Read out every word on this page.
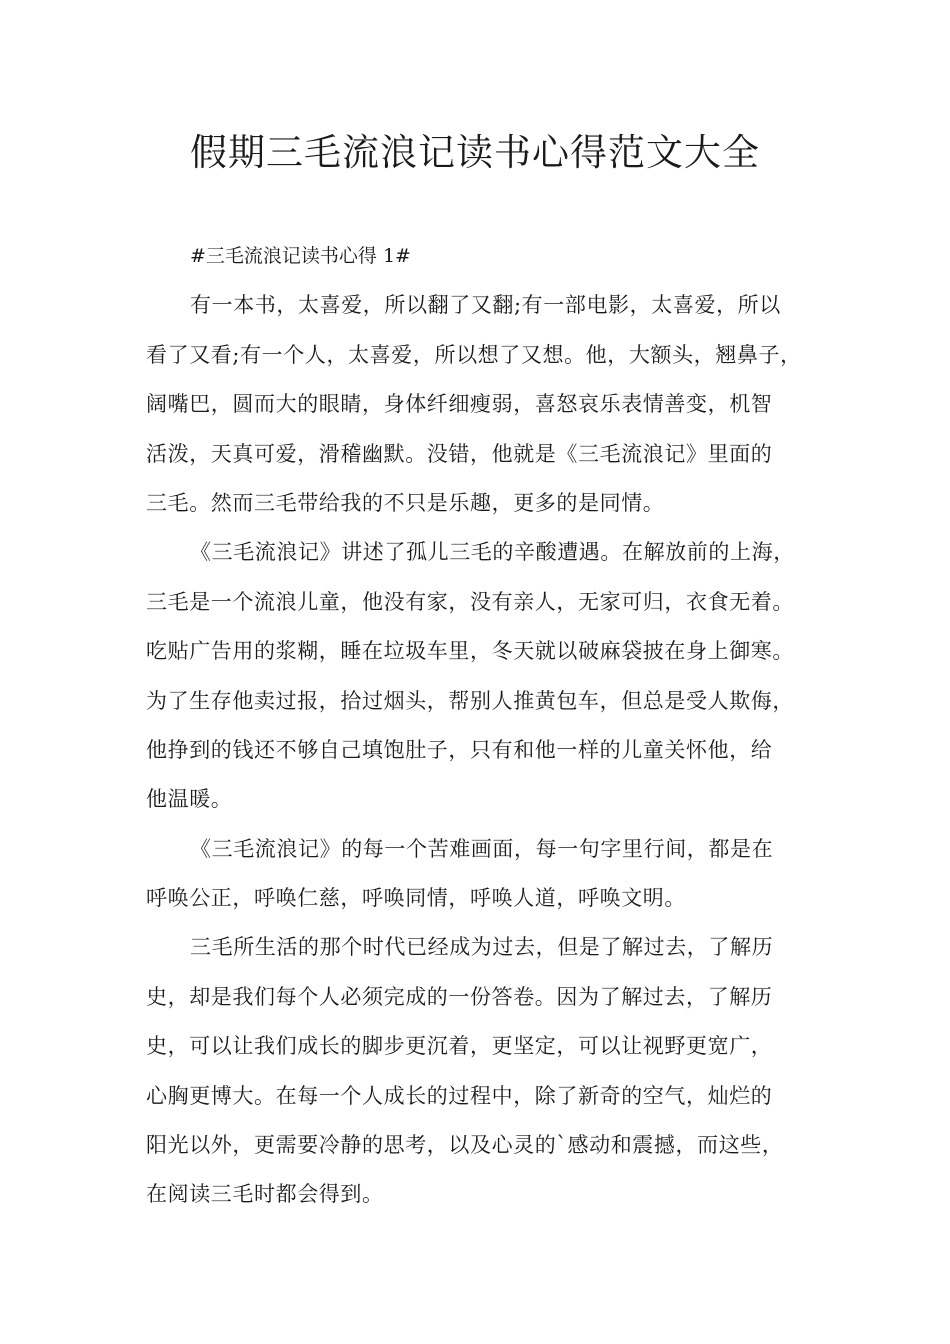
假期三毛流浪记读书心得范文大全
#三毛流浪记读书心得 1#
有一本书，太喜爱，所以翻了又翻;有一部电影，太喜爱，所以
看了又看;有一个人，太喜爱，所以想了又想。他，大额头，翘鼻子，
阔嘴巴，圆而大的眼睛，身体纤细瘦弱，喜怒哀乐表情善变，机智
活泼，天真可爱，滑稽幽默。没错，他就是《三毛流浪记》里面的
三毛。然而三毛带给我的不只是乐趣，更多的是同情。
《三毛流浪记》讲述了孤儿三毛的辛酸遭遇。在解放前的上海，
三毛是一个流浪儿童，他没有家，没有亲人，无家可归，衣食无着。
吃贴广告用的浆糊，睡在垃圾车里，冬天就以破麻袋披在身上御寒。
为了生存他卖过报，拾过烟头，帮别人推黄包车，但总是受人欺侮，
他挣到的钱还不够自己填饱肚子，只有和他一样的儿童关怀他，给
他温暖。
《三毛流浪记》的每一个苦难画面，每一句字里行间，都是在
呼唤公正，呼唤仁慈，呼唤同情，呼唤人道，呼唤文明。
三毛所生活的那个时代已经成为过去，但是了解过去，了解历
史，却是我们每个人必须完成的一份答卷。因为了解过去，了解历
史，可以让我们成长的脚步更沉着，更坚定，可以让视野更宽广，
心胸更博大。在每一个人成长的过程中，除了新奇的空气，灿烂的
阳光以外，更需要冷静的思考，以及心灵的`感动和震撼，而这些，
在阅读三毛时都会得到。
